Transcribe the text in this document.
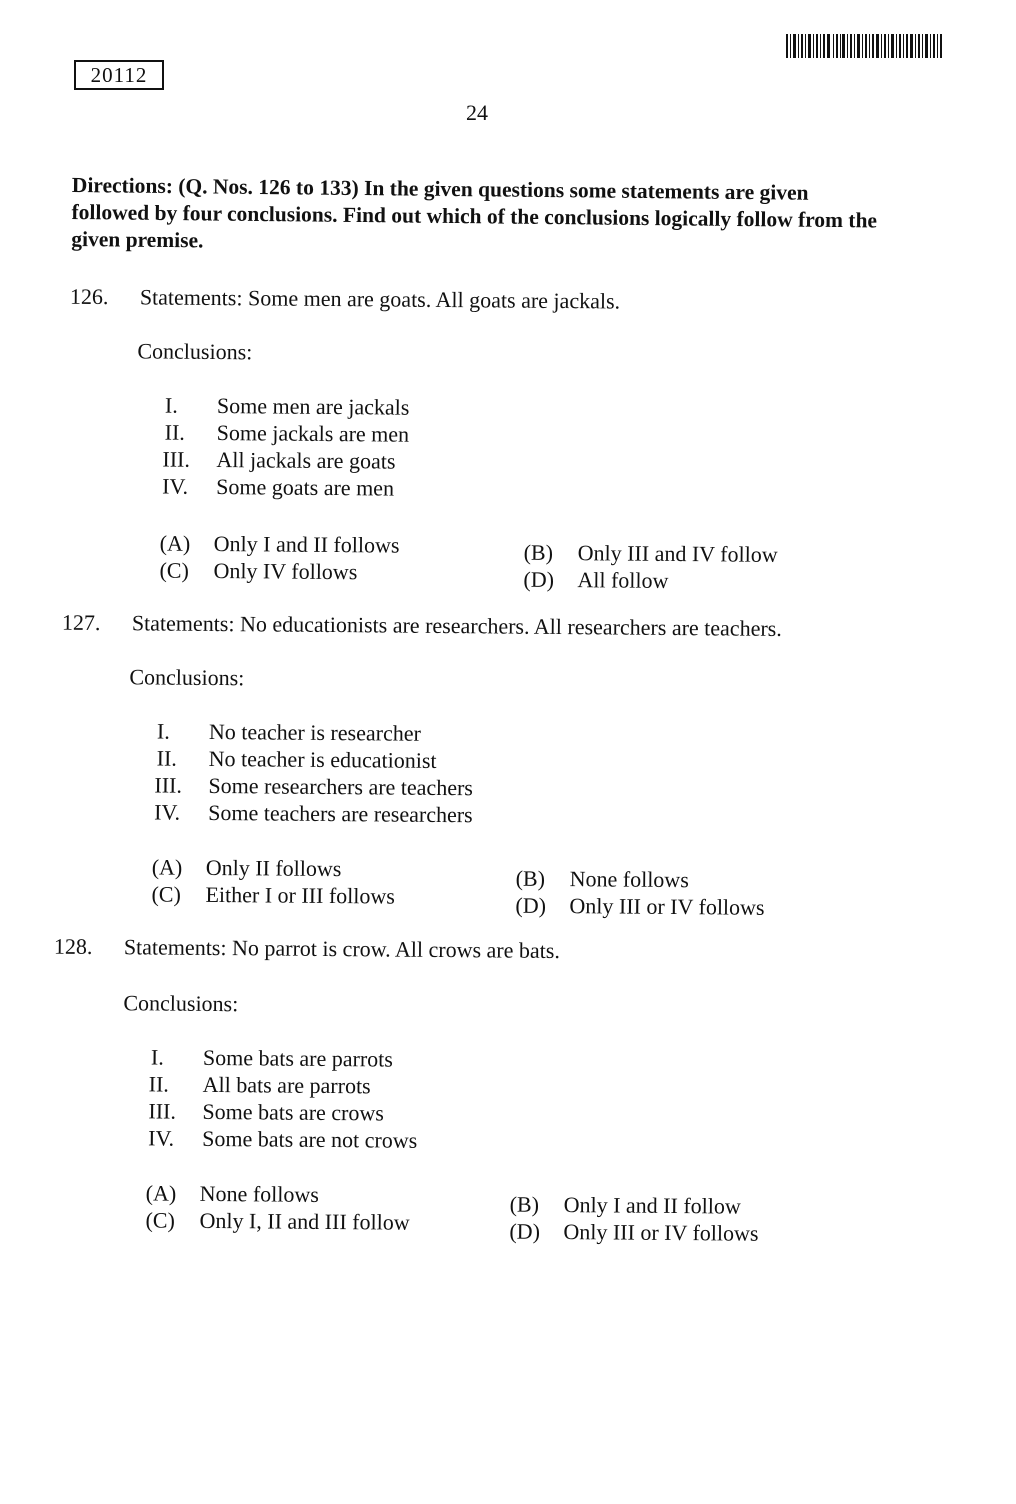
20112
24
Directions: (Q. Nos. 126 to 133) In the given questions some statements are given followed by four conclusions. Find out which of the conclusions logically follow from the given premise.
126. Statements: Some men are goats. All goats are jackals.
Conclusions:
I.	Some men are jackals
II.	Some jackals are men
III.	All jackals are goats
IV.	Some goats are men
(A) Only I and II follows
(C) Only IV follows
(B) Only III and IV follow
(D) All follow
127. Statements: No educationists are researchers. All researchers are teachers.
Conclusions:
I.	No teacher is researcher
II.	No teacher is educationist
III.	Some researchers are teachers
IV.	Some teachers are researchers
(A) Only II follows
(C) Either I or III follows
(B) None follows
(D) Only III or IV follows
128. Statements: No parrot is crow. All crows are bats.
Conclusions:
I.	Some bats are parrots
II.	All bats are parrots
III.	Some bats are crows
IV.	Some bats are not crows
(A) None follows
(C) Only I, II and III follow
(B) Only I and II follow
(D) Only III or IV follows
